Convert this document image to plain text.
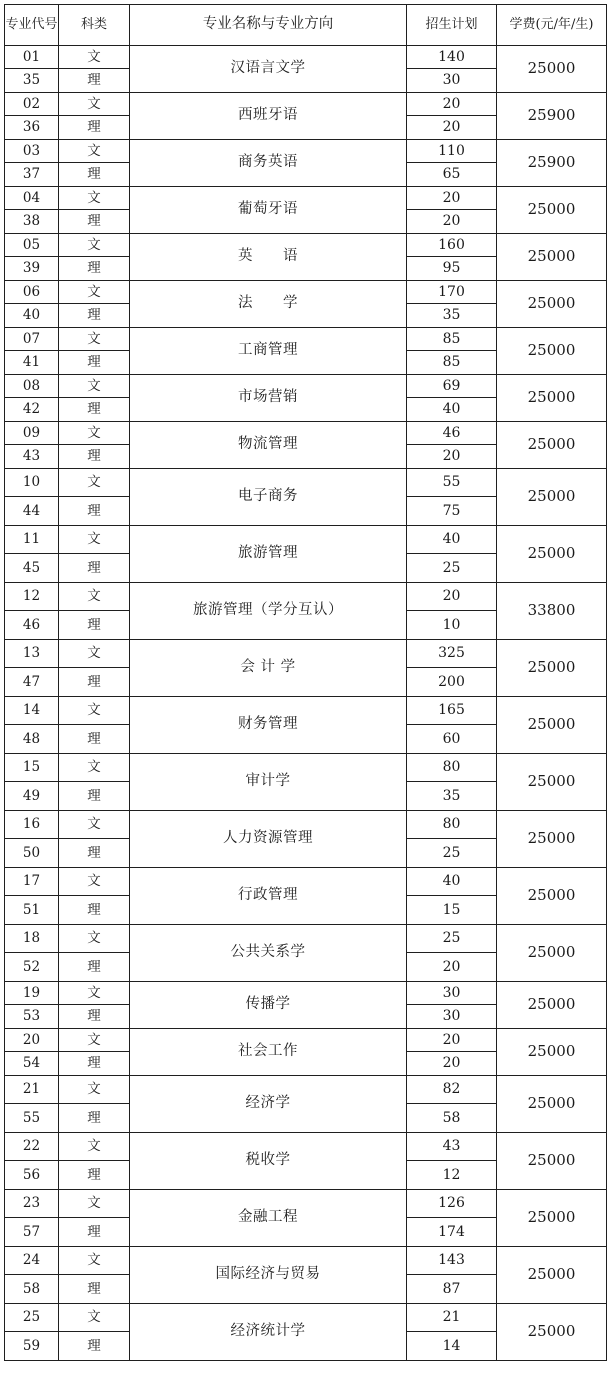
专业代号	科类	专业名称与专业方向	招生计划	学费(元/年/生)
01	文	汉语言文学	140	25000
35	理		30	
02	文	西班牙语	20	25900
36	理		20	
03	文	商务英语	110	25900
37	理		65	
04	文	葡萄牙语	20	25000
38	理		20	
05	文	英　　语	160	25000
39	理		95	
06	文	法　　学	170	25000
40	理		35	
07	文	工商管理	85	25000
41	理		85	
08	文	市场营销	69	25000
42	理		40	
09	文	物流管理	46	25000
43	理		20	
10	文	电子商务	55	25000
44	理		75	
11	文	旅游管理	40	25000
45	理		25	
12	文	旅游管理（学分互认）	20	33800
46	理		10	
13	文	会 计 学	325	25000
47	理		200	
14	文	财务管理	165	25000
48	理		60	
15	文	审计学	80	25000
49	理		35	
16	文	人力资源管理	80	25000
50	理		25	
17	文	行政管理	40	25000
51	理		15	
18	文	公共关系学	25	25000
52	理		20	
19	文	传播学	30	25000
53	理		30	
20	文	社会工作	20	25000
54	理		20	
21	文	经济学	82	25000
55	理		58	
22	文	税收学	43	25000
56	理		12	
23	文	金融工程	126	25000
57	理		174	
24	文	国际经济与贸易	143	25000
58	理		87	
25	文	经济统计学	21	25000
59	理		14	
